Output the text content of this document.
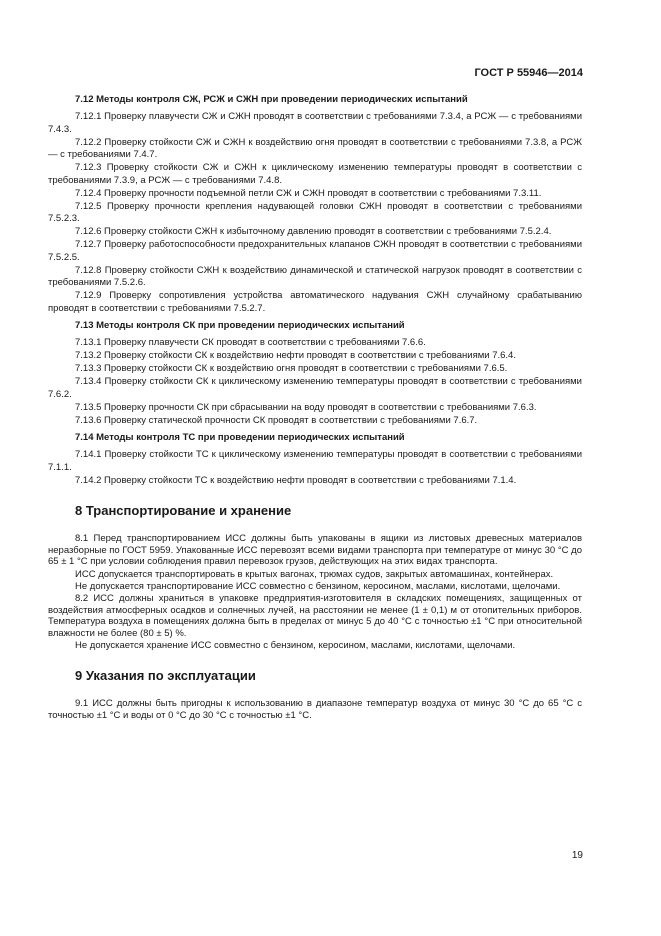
ГОСТ Р 55946—2014
7.12 Методы контроля СЖ, РСЖ и СЖН при проведении периодических испытаний

7.12.1 Проверку плавучести СЖ и СЖН проводят в соответствии с требованиями 7.3.4, а РСЖ — с требованиями 7.4.3.

7.12.2 Проверку стойкости СЖ и СЖН к воздействию огня проводят в соответствии с требованиями 7.3.8, а РСЖ — с требованиями 7.4.7.

7.12.3 Проверку стойкости СЖ и СЖН к циклическому изменению температуры проводят в соответствии с требованиями 7.3.9, а РСЖ — с требованиями 7.4.8.

7.12.4 Проверку прочности подъемной петли СЖ и СЖН проводят в соответствии с требованиями 7.3.11.

7.12.5 Проверку прочности крепления надувающей головки СЖН проводят в соответствии с требованиями 7.5.2.3.

7.12.6 Проверку стойкости СЖН к избыточному давлению проводят в соответствии с требованиями 7.5.2.4.

7.12.7 Проверку работоспособности предохранительных клапанов СЖН проводят в соответствии с требованиями 7.5.2.5.

7.12.8 Проверку стойкости СЖН к воздействию динамической и статической нагрузок проводят в соответствии с требованиями 7.5.2.6.

7.12.9 Проверку сопротивления устройства автоматического надувания СЖН случайному срабатыванию проводят в соответствии с требованиями 7.5.2.7.

7.13 Методы контроля СК при проведении периодических испытаний

7.13.1 Проверку плавучести СК проводят в соответствии с требованиями 7.6.6.

7.13.2 Проверку стойкости СК к воздействию нефти проводят в соответствии с требованиями 7.6.4.

7.13.3 Проверку стойкости СК к воздействию огня проводят в соответствии с требованиями 7.6.5.

7.13.4 Проверку стойкости СК к циклическому изменению температуры проводят в соответствии с требованиями 7.6.2.

7.13.5 Проверку прочности СК при сбрасывании на воду проводят в соответствии с требованиями 7.6.3.

7.13.6 Проверку статической прочности СК проводят в соответствии с требованиями 7.6.7.

7.14 Методы контроля ТС при проведении периодических испытаний

7.14.1 Проверку стойкости ТС к циклическому изменению температуры проводят в соответствии с требованиями 7.1.1.

7.14.2 Проверку стойкости ТС к воздействию нефти проводят в соответствии с требованиями 7.1.4.

8 Транспортирование и хранение

8.1 Перед транспортированием ИСС должны быть упакованы в ящики из листовых древесных материалов неразборные по ГОСТ 5959. Упакованные ИСС перевозят всеми видами транспорта при температуре от минус 30 °С до 65 ± 1 °С при условии соблюдения правил перевозок грузов, действующих на этих видах транспорта.

ИСС допускается транспортировать в крытых вагонах, трюмах судов, закрытых автомашинах, контейнерах.

Не допускается транспортирование ИСС совместно с бензином, керосином, маслами, кислотами, щелочами.

8.2 ИСС должны храниться в упаковке предприятия-изготовителя в складских помещениях, защищенных от воздействия атмосферных осадков и солнечных лучей, на расстоянии не менее (1 ± 0,1) м от отопительных приборов. Температура воздуха в помещениях должна быть в пределах от минус 5 до 40 °С с точностью ±1 °С при относительной влажности не более (80 ± 5) %.

Не допускается хранение ИСС совместно с бензином, керосином, маслами, кислотами, щелочами.

9 Указания по эксплуатации

9.1 ИСС должны быть пригодны к использованию в диапазоне температур воздуха от минус 30 °С до 65 °С с точностью ±1 °С и воды от 0 °С до 30 °С с точностью ±1 °С.

19
